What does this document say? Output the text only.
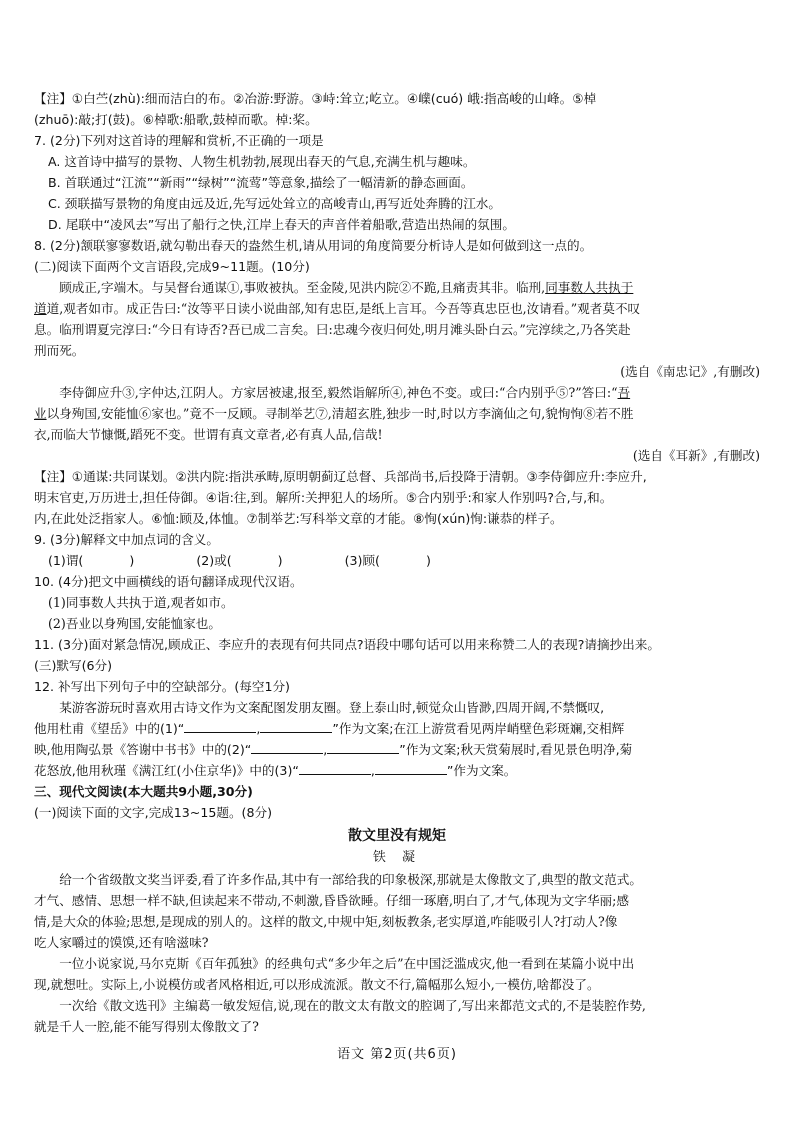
【注】①白苎(zhù):细而洁白的布。②冶游:野游。③峙:耸立;屹立。④嶫(cuó) 峨:指高峻的山峰。⑤棹
(zhuō):敲;打(鼓)。⑥棹歌:船歌,鼓棹而歌。棹:桨。
7. (2分)下列对这首诗的理解和赏析,不正确的一项是
A. 这首诗中描写的景物、人物生机勃勃,展现出春天的气息,充满生机与趣味。
B. 首联通过“江流”“新雨”“绿树”“流莺”等意象,描绘了一幅清新的静态画面。
C. 颈联描写景物的角度由远及近,先写远处耸立的高峻青山,再写近处奔腾的江水。
D. 尾联中“凌风去”写出了船行之快,江岸上春天的声音伴着船歌,营造出热闹的氛围。
8. (2分)颔联寥寥数语,就勾勒出春天的盎然生机,请从用词的角度简要分析诗人是如何做到这一点的。
(二)阅读下面两个文言语段,完成9~11题。(10分)
顾成正,字端木。与吴督台通谋①,事败被执。至金陵,见洪内院②不跪,且痛责其非。临刑,同事数人共执于
道道,观者如市。成正告曰:“汝等平日读小说曲部,知有忠臣,是纸上言耳。今吾等真忠臣也,汝请看。”观者莫不叹
息。临刑谓夏完淳曰:“今日有诗否?吾已成二言矣。曰:忠魂今夜归何处,明月滩头卧白云。”完淳续之,乃各笑赴
刑而死。
(选自《南忠记》,有删改)
李侍御应升③,字仲达,江阴人。方家居被逮,报至,毅然诣解所④,神色不变。或曰:“合内别乎⑤?”答曰:“吾
业以身殉国,安能恤⑥家也。”竟不一反顾。寻制举艺⑦,清超玄胜,独步一时,时以方李滴仙之句,貌恂恂⑧若不胜
衣,而临大节慷慨,蹈死不变。世谓有真文章者,必有真人品,信哉!
(选自《耳新》,有删改)
【注】①通谋:共同谋划。②洪内院:指洪承畴,原明朝蓟辽总督、兵部尚书,后投降于清朝。③李侍御应升:李应升,
明末官吏,万历进士,担任侍御。④诣:往,到。解所:关押犯人的场所。⑤合内别乎:和家人作别吗?合,与,和。
内,在此处泛指家人。⑥恤:顾及,体恤。⑦制举艺:写科举文章的才能。⑧恂(xún)恂:谦恭的样子。
9. (3分)解释文中加点词的含义。
(1)谓(	)	(2)或(	)	(3)顾(	)
10. (4分)把文中画横线的语句翻译成现代汉语。
(1)同事数人共执于道,观者如市。
(2)吾业以身殉国,安能恤家也。
11. (3分)面对紧急情况,顾成正、李应升的表现有何共同点?语段中哪句话可以用来称赞二人的表现?请摘抄出来。
(三)默写(6分)
12. 补写出下列句子中的空缺部分。(每空1分)
某游客游玩时喜欢用古诗文作为文案配图发朋友圈。登上泰山时,顿觉众山皆渺,四周开阔,不禁慨叹,
他用杜甫《望岳》中的(1)“	,	”作为文案;在江上游赏看见两岸峭壁色彩斑斓,交相辉
映,他用陶弘景《答谢中书书》中的(2)“	,	”作为文案;秋天赏菊展时,看见景色明净,菊
花怒放,他用秋瑾《满江红(小住京华)》中的(3)“	,	”作为文案。
三、现代文阅读(本大题共9小题,30分)
(一)阅读下面的文字,完成13~15题。(8分)
散文里没有规矩
铁 凝
给一个省级散文奖当评委,看了许多作品,其中有一部给我的印象极深,那就是太像散文了,典型的散文范式。
才气、感情、思想一样不缺,但读起来不带动,不刺激,昏昏欲睡。仔细一琢磨,明白了,才气,体现为文字华丽;感
情,是大众的体验;思想,是现成的别人的。这样的散文,中规中矩,刻板教条,老实厚道,咋能吸引人?打动人?像
吃人家嚼过的馍馍,还有啥滋味?
一位小说家说,马尔克斯《百年孤独》的经典句式“多少年之后”在中国泛滥成灾,他一看到在某篇小说中出
现,就想吐。实际上,小说模仿或者风格相近,可以形成流派。散文不行,篇幅那么短小,一模仿,啥都没了。
一次给《散文选刊》主编葛一敏发短信,说,现在的散文太有散文的腔调了,写出来都范文式的,不是装腔作势,
就是千人一腔,能不能写得别太像散文了?
语文 第2页(共6页)
